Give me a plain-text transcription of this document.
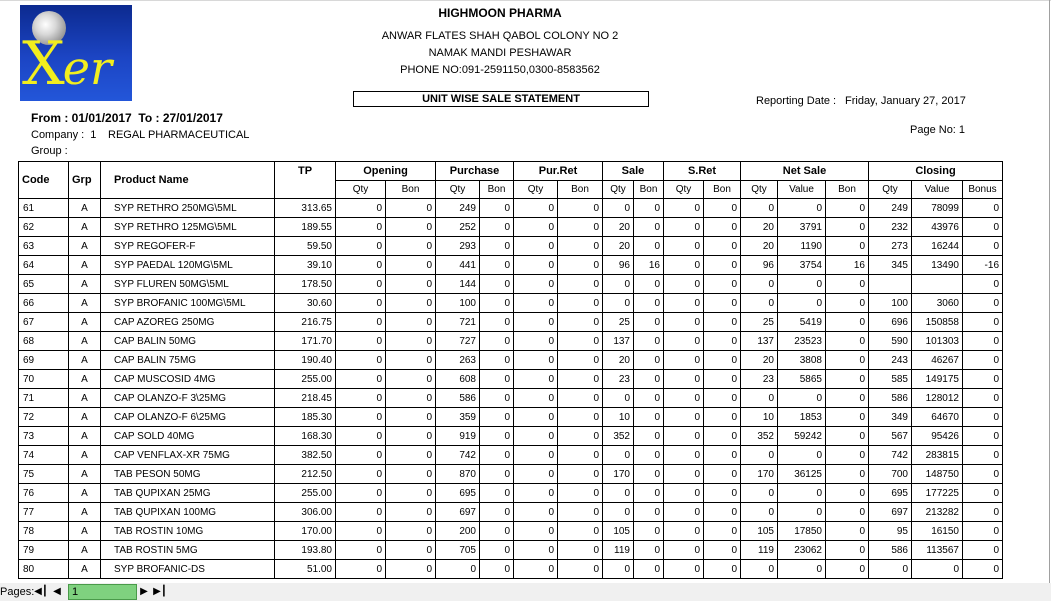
Xer
HIGHMOON PHARMA
ANWAR FLATES SHAH QABOL COLONY NO 2
NAMAK MANDI PESHAWAR
PHONE NO:091-2591150,0300-8583562
UNIT WISE SALE STATEMENT	Reporting Date : Friday, January 27, 2017
From : 01/01/2017  To : 27/01/2017
Company :  1 REGAL PHARMACEUTICAL
Group :
Page No: 1
Code	Grp	Product Name	TP	Opening		Purchase		Pur.Ret		Sale		S.Ret		Net Sale			Closing		
				Qty	Bon	Qty	Bon	Qty	Bon	Qty	Bon	Qty	Bon	Qty	Value	Bon	Qty	Value	Bonus
61	A	SYP RETHRO 250MG\5ML	313.65	0	0	249	0	0	0	0	0	0	0	0	0	0	249	78099	0
62	A	SYP RETHRO 125MG\5ML	189.55	0	0	252	0	0	0	20	0	0	0	20	3791	0	232	43976	0
63	A	SYP REGOFER-F	59.50	0	0	293	0	0	0	20	0	0	0	20	1190	0	273	16244	0
64	A	SYP PAEDAL 120MG\5ML	39.10	0	0	441	0	0	0	96	16	0	0	96	3754	16	345	13490	-16
65	A	SYP FLUREN 50MG\5ML	178.50	0	0	144	0	0	0	0	0	0	0	0	0	0			0
66	A	SYP BROFANIC 100MG\5ML	30.60	0	0	100	0	0	0	0	0	0	0	0	0	0	100	3060	0
67	A	CAP AZOREG 250MG	216.75	0	0	721	0	0	0	25	0	0	0	25	5419	0	696	150858	0
68	A	CAP BALIN 50MG	171.70	0	0	727	0	0	0	137	0	0	0	137	23523	0	590	101303	0
69	A	CAP BALIN 75MG	190.40	0	0	263	0	0	0	20	0	0	0	20	3808	0	243	46267	0
70	A	CAP MUSCOSID 4MG	255.00	0	0	608	0	0	0	23	0	0	0	23	5865	0	585	149175	0
71	A	CAP OLANZO-F 3\25MG	218.45	0	0	586	0	0	0	0	0	0	0	0	0	0	586	128012	0
72	A	CAP OLANZO-F 6\25MG	185.30	0	0	359	0	0	0	10	0	0	0	10	1853	0	349	64670	0
73	A	CAP SOLD 40MG	168.30	0	0	919	0	0	0	352	0	0	0	352	59242	0	567	95426	0
74	A	CAP VENFLAX-XR 75MG	382.50	0	0	742	0	0	0	0	0	0	0	0	0	0	742	283815	0
75	A	TAB PESON 50MG	212.50	0	0	870	0	0	0	170	0	0	0	170	36125	0	700	148750	0
76	A	TAB QUPIXAN 25MG	255.00	0	0	695	0	0	0	0	0	0	0	0	0	0	695	177225	0
77	A	TAB QUPIXAN 100MG	306.00	0	0	697	0	0	0	0	0	0	0	0	0	0	697	213282	0
78	A	TAB ROSTIN 10MG	170.00	0	0	200	0	0	0	105	0	0	0	105	17850	0	95	16150	0
79	A	TAB ROSTIN 5MG	193.80	0	0	705	0	0	0	119	0	0	0	119	23062	0	586	113567	0
80	A	SYP BROFANIC-DS	51.00	0	0	0	0	0	0	0	0	0	0	0	0	0	0	0	0
Pages: ◀┃ ◀	1	▶ ▶┃
